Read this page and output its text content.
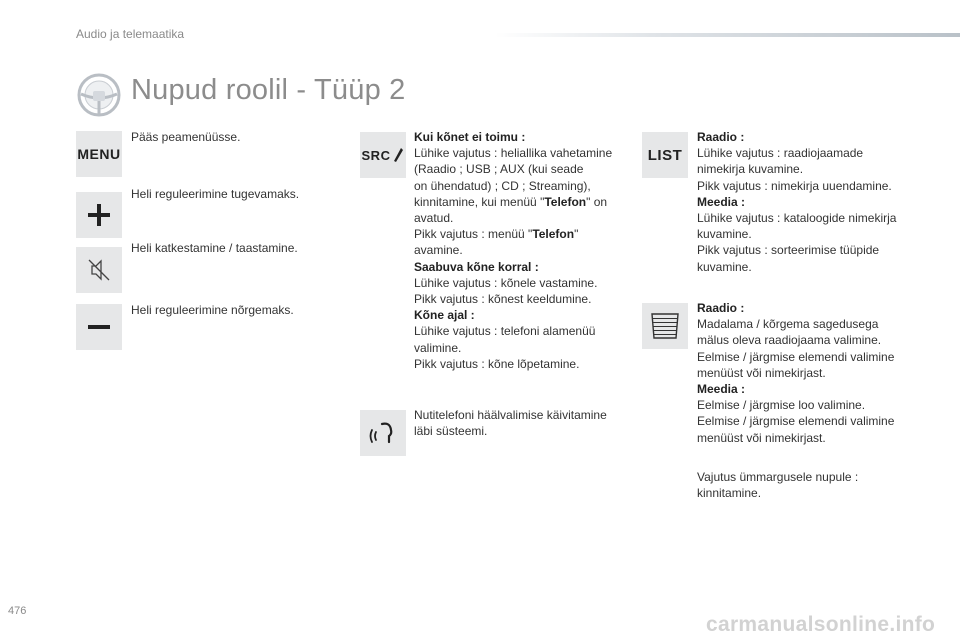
Audio ja telemaatika
Nupud roolil - Tüüp 2
MENU
Pääs peamenüüsse.
Heli reguleerimine tugevamaks.
Heli katkestamine / taastamine.
Heli reguleerimine nõrgemaks.
SRC
Kui kõnet ei toimu :
Lühike vajutus : heliallika vahetamine
(Raadio ; USB ; AUX (kui seade
on ühendatud) ; CD ; Streaming),
kinnitamine, kui menüü "Telefon" on
avatud.
Pikk vajutus : menüü "Telefon"
avamine.
Saabuva kõne korral :
Lühike vajutus : kõnele vastamine.
Pikk vajutus : kõnest keeldumine.
Kõne ajal :
Lühike vajutus : telefoni alamenüü
valimine.
Pikk vajutus : kõne lõpetamine.
Nutitelefoni häälvalimise käivitamine
läbi süsteemi.
LIST
Raadio :
Lühike vajutus : raadiojaamade
nimekirja kuvamine.
Pikk vajutus : nimekirja uuendamine.
Meedia :
Lühike vajutus : kataloogide nimekirja
kuvamine.
Pikk vajutus : sorteerimise tüüpide
kuvamine.
Raadio :
Madalama / kõrgema sagedusega
mälus oleva raadiojaama valimine.
Eelmise / järgmise elemendi valimine
menüüst või nimekirjast.
Meedia :
Eelmise / järgmise loo valimine.
Eelmise / järgmise elemendi valimine
menüüst või nimekirjast.
Vajutus ümmargusele nupule :
kinnitamine.
476
carmanualsonline.info
